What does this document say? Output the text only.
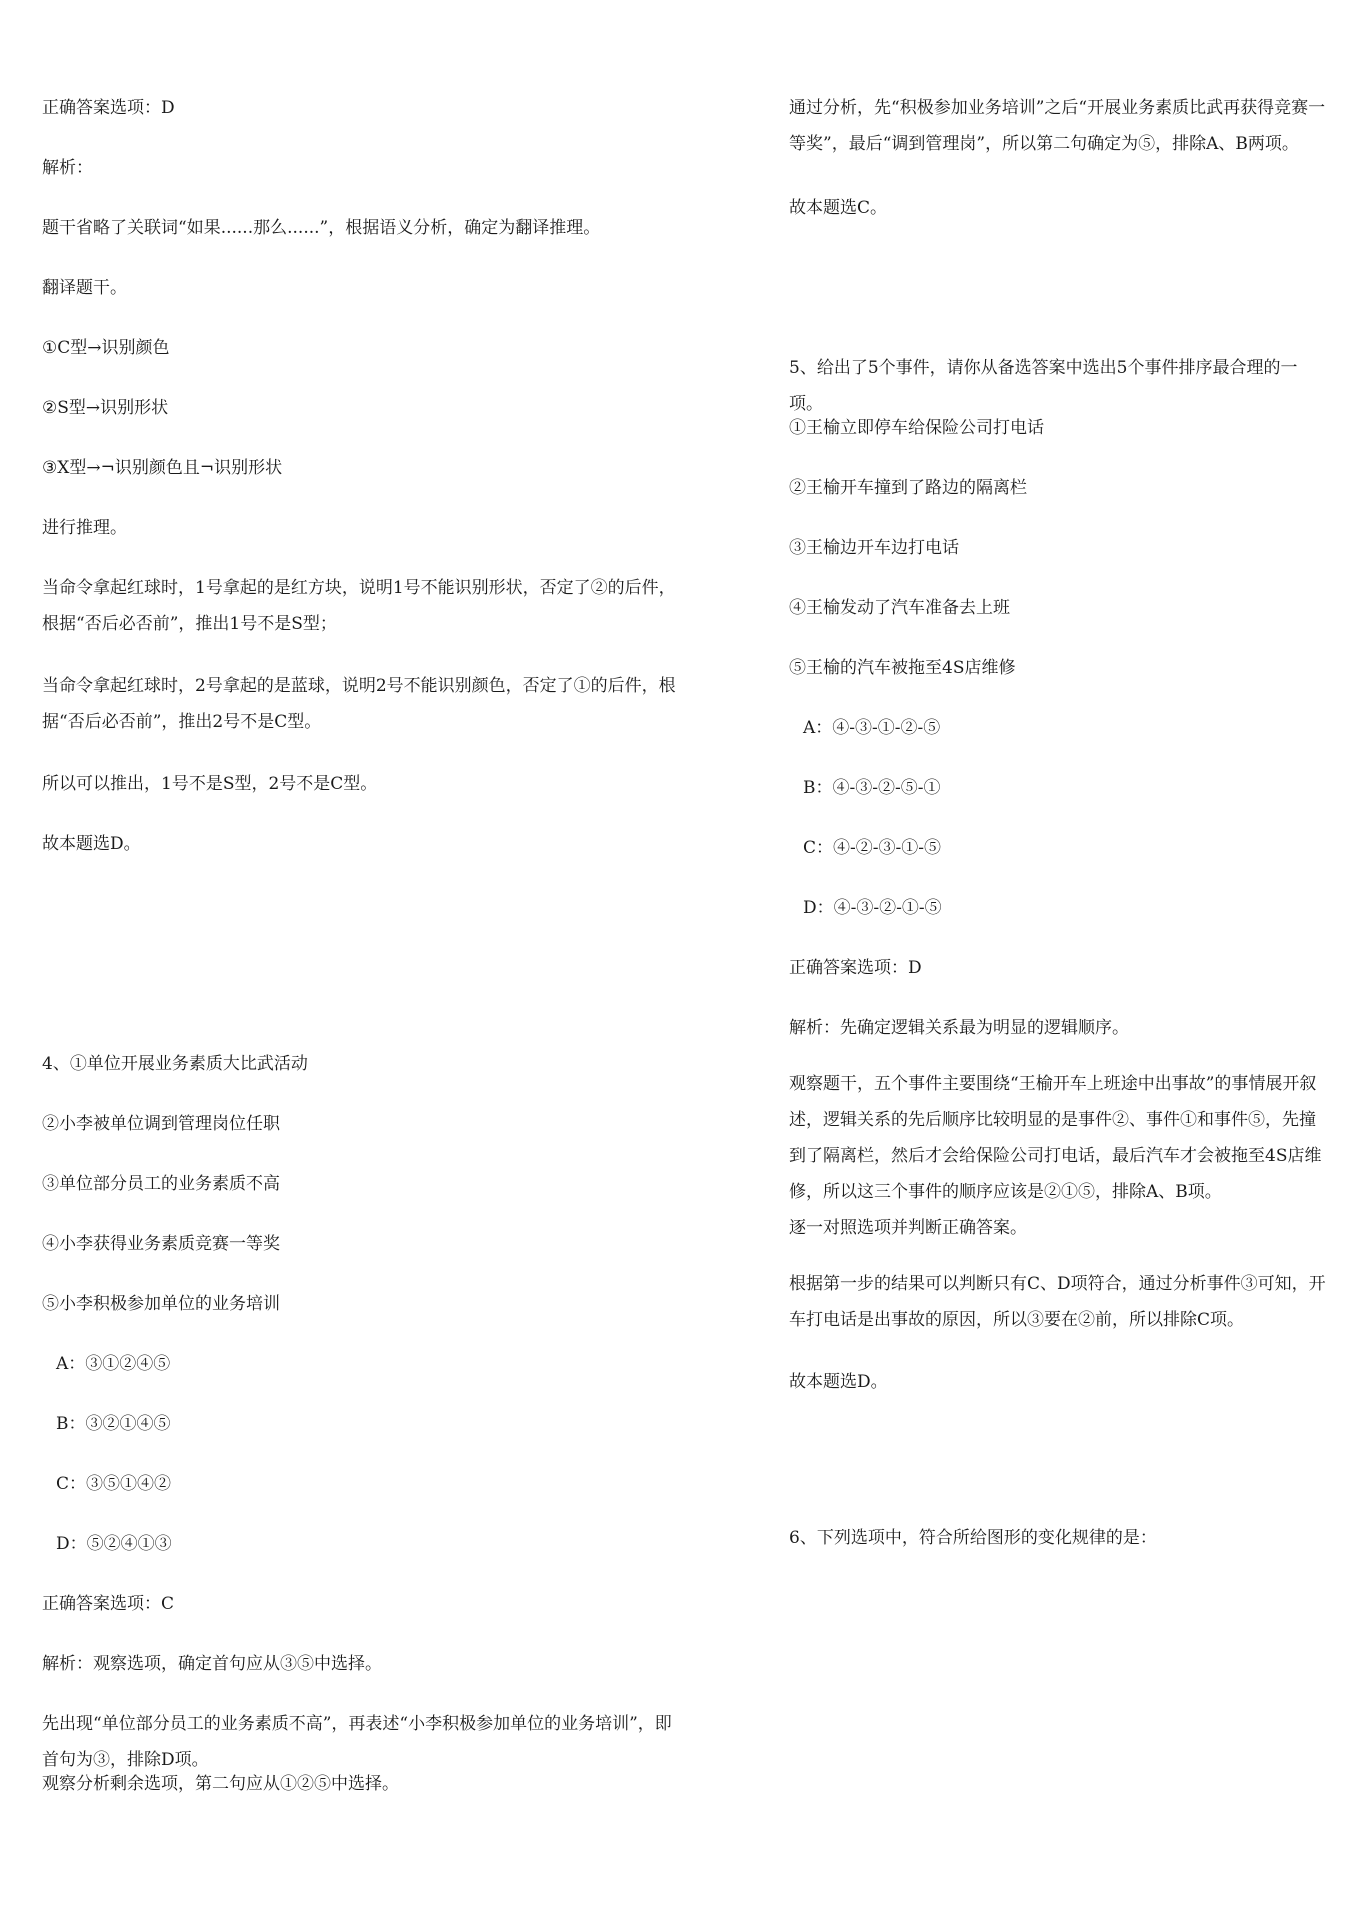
正确答案选项：D

解析：

题干省略了关联词“如果......那么......”，根据语义分析，确定为翻译推理。

翻译题干。

①C型→识别颜色

②S型→识别形状

③X型→¬识别颜色且¬识别形状

进行推理。

当命令拿起红球时，1号拿起的是红方块，说明1号不能识别形状，否定了②的后件，根据“否后必否前”，推出1号不是S型；

当命令拿起红球时，2号拿起的是蓝球，说明2号不能识别颜色，否定了①的后件，根据“否后必否前”，推出2号不是C型。

所以可以推出，1号不是S型，2号不是C型。

故本题选D。

4、①单位开展业务素质大比武活动

②小李被单位调到管理岗位任职

③单位部分员工的业务素质不高

④小李获得业务素质竞赛一等奖

⑤小李积极参加单位的业务培训

A：③①②④⑤

B：③②①④⑤

C：③⑤①④②

D：⑤②④①③

正确答案选项：C

解析：观察选项，确定首句应从③⑤中选择。

先出现“单位部分员工的业务素质不高”，再表述“小李积极参加单位的业务培训”，即首句为③，排除D项。

观察分析剩余选项，第二句应从①②⑤中选择。

通过分析，先“积极参加业务培训”之后“开展业务素质比武再获得竞赛一等奖”，最后“调到管理岗”，所以第二句确定为⑤，排除A、B两项。

故本题选C。

5、给出了5个事件，请你从备选答案中选出5个事件排序最合理的一项。

①王榆立即停车给保险公司打电话

②王榆开车撞到了路边的隔离栏

③王榆边开车边打电话

④王榆发动了汽车准备去上班

⑤王榆的汽车被拖至4S店维修

A：④-③-①-②-⑤

B：④-③-②-⑤-①

C：④-②-③-①-⑤

D：④-③-②-①-⑤

正确答案选项：D

解析：先确定逻辑关系最为明显的逻辑顺序。

观察题干，五个事件主要围绕“王榆开车上班途中出事故”的事情展开叙述，逻辑关系的先后顺序比较明显的是事件②、事件①和事件⑤，先撞到了隔离栏，然后才会给保险公司打电话，最后汽车才会被拖至4S店维修，所以这三个事件的顺序应该是②①⑤，排除A、B项。

逐一对照选项并判断正确答案。

根据第一步的结果可以判断只有C、D项符合，通过分析事件③可知，开车打电话是出事故的原因，所以③要在②前，所以排除C项。

故本题选D。

6、下列选项中，符合所给图形的变化规律的是：
